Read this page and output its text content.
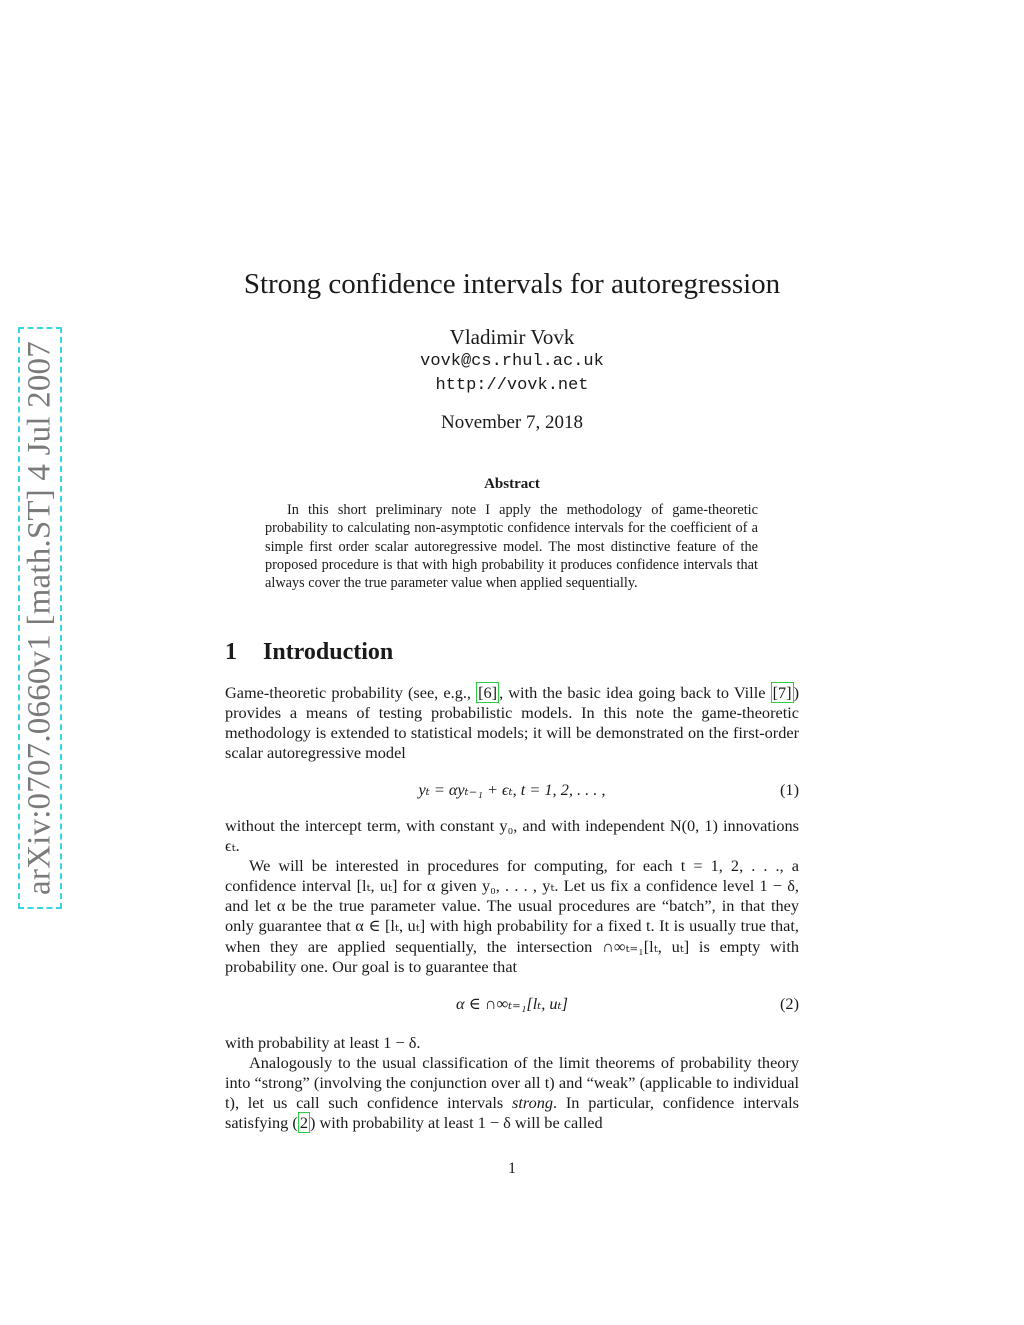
arXiv:0707.0660v1 [math.ST] 4 Jul 2007
Strong confidence intervals for autoregression
Vladimir Vovk
vovk@cs.rhul.ac.uk
http://vovk.net
November 7, 2018
Abstract
In this short preliminary note I apply the methodology of game-theoretic probability to calculating non-asymptotic confidence intervals for the coefficient of a simple first order scalar autoregressive model. The most distinctive feature of the proposed procedure is that with high probability it produces confidence intervals that always cover the true parameter value when applied sequentially.
1 Introduction
Game-theoretic probability (see, e.g., [6] , with the basic idea going back to Ville [7] ) provides a means of testing probabilistic models. In this note the game-theoretic methodology is extended to statistical models; it will be demonstrated on the first-order scalar autoregressive model
yₜ = αyₜ₋₁ + ϵₜ, t = 1, 2, . . . ,	(1)
without the intercept term, with constant y₀, and with independent N(0, 1) innovations ϵₜ.
We will be interested in procedures for computing, for each t = 1, 2, . . ., a confidence interval [lₜ, uₜ] for α given y₀, . . . , yₜ. Let us fix a confidence level 1 − δ, and let α be the true parameter value. The usual procedures are “batch”, in that they only guarantee that α ∈ [lₜ, uₜ] with high probability for a fixed t. It is usually true that, when they are applied sequentially, the intersection ∩∞ₜ₌₁[lₜ, uₜ] is empty with probability one. Our goal is to guarantee that
α ∈ ∩∞ₜ₌₁[lₜ, uₜ]	(2)
with probability at least 1 − δ.
Analogously to the usual classification of the limit theorems of probability theory into “strong” (involving the conjunction over all t) and “weak” (applicable to individual t), let us call such confidence intervals strong. In particular, confidence intervals satisfying ( 2 ) with probability at least 1 − δ will be called
1
